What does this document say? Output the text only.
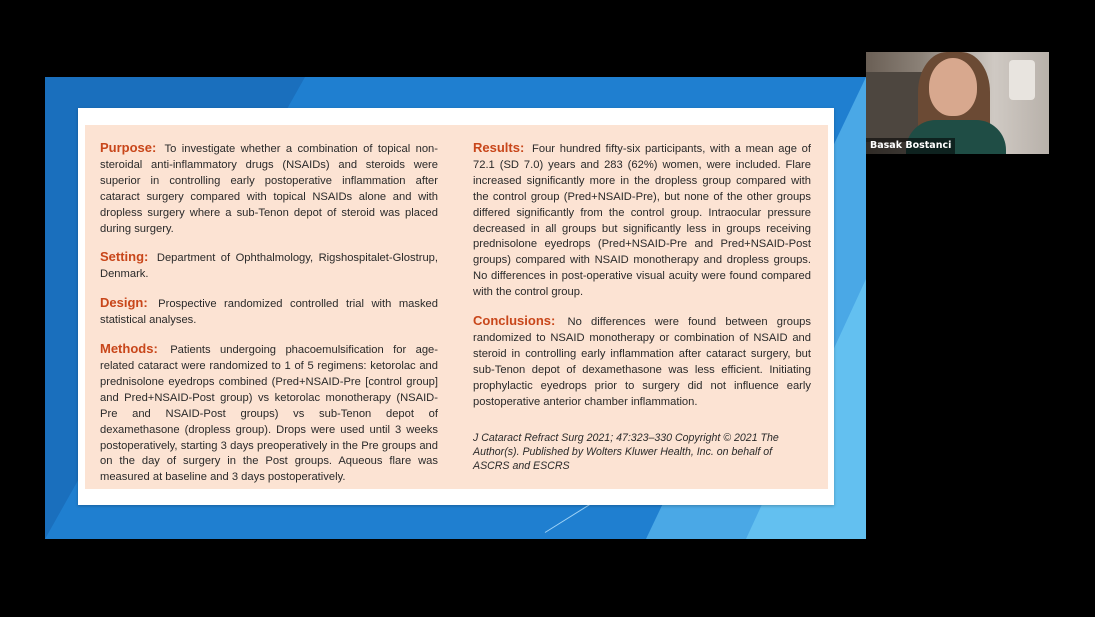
Purpose: To investigate whether a combination of topical non-steroidal anti-inflammatory drugs (NSAIDs) and steroids were superior in controlling early postoperative inflammation after cataract surgery compared with topical NSAIDs alone and with dropless surgery where a sub-Tenon depot of steroid was placed during surgery.

Setting: Department of Ophthalmology, Rigshospitalet-Glostrup, Denmark.

Design: Prospective randomized controlled trial with masked statistical analyses.

Methods: Patients undergoing phacoemulsification for age-related cataract were randomized to 1 of 5 regimens: ketorolac and prednisolone eyedrops combined (Pred+NSAID-Pre [control group] and Pred+NSAID-Post group) vs ketorolac monotherapy (NSAID-Pre and NSAID-Post groups) vs sub-Tenon depot of dexamethasone (dropless group). Drops were used until 3 weeks postoperatively, starting 3 days preoperatively in the Pre groups and on the day of surgery in the Post groups. Aqueous flare was measured at baseline and 3 days postoperatively.

Results: Four hundred fifty-six participants, with a mean age of 72.1 (SD 7.0) years and 283 (62%) women, were included. Flare increased significantly more in the dropless group compared with the control group (Pred+NSAID-Pre), but none of the other groups differed significantly from the control group. Intraocular pressure decreased in all groups but significantly less in groups receiving prednisolone eyedrops (Pred+NSAID-Pre and Pred+NSAID-Post groups) compared with NSAID monotherapy and dropless groups. No differences in post-operative visual acuity were found compared with the control group.

Conclusions: No differences were found between groups randomized to NSAID monotherapy or combination of NSAID and steroid in controlling early inflammation after cataract surgery, but sub-Tenon depot of dexamethasone was less efficient. Initiating prophylactic eyedrops prior to surgery did not influence early postoperative anterior chamber inflammation.

J Cataract Refract Surg 2021; 47:323–330 Copyright © 2021 The Author(s). Published by Wolters Kluwer Health, Inc. on behalf of ASCRS and ESCRS

Basak Bostanci
